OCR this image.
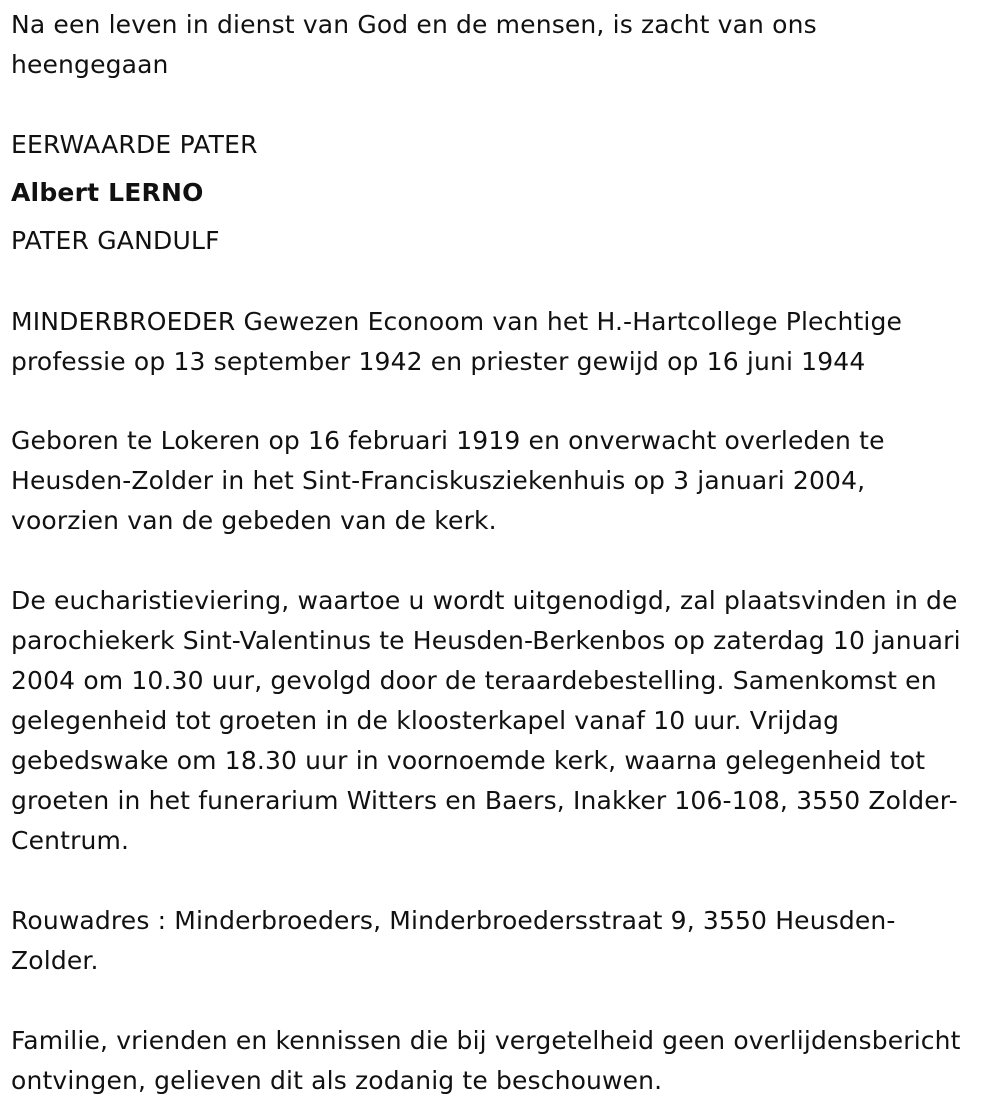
Na een leven in dienst van God en de mensen, is zacht van ons heengegaan
EERWAARDE PATER
Albert LERNO
PATER GANDULF
MINDERBROEDER Gewezen Econoom van het H.-Hartcollege Plechtige professie op 13 september 1942 en priester gewijd op 16 juni 1944
Geboren te Lokeren op 16 februari 1919 en onverwacht overleden te Heusden-Zolder in het Sint-Franciskusziekenhuis op 3 januari 2004, voorzien van de gebeden van de kerk.
De eucharistieviering, waartoe u wordt uitgenodigd, zal plaatsvinden in de parochiekerk Sint-Valentinus te Heusden-Berkenbos op zaterdag 10 januari 2004 om 10.30 uur, gevolgd door de teraardebestelling. Samenkomst en gelegenheid tot groeten in de kloosterkapel vanaf 10 uur. Vrijdag gebedswake om 18.30 uur in voornoemde kerk, waarna gelegenheid tot groeten in het funerarium Witters en Baers, Inakker 106-108, 3550 Zolder-Centrum.
Rouwadres : Minderbroeders, Minderbroedersstraat 9, 3550 Heusden-Zolder.
Familie, vrienden en kennissen die bij vergetelheid geen overlijdensbericht ontvingen, gelieven dit als zodanig te beschouwen.
